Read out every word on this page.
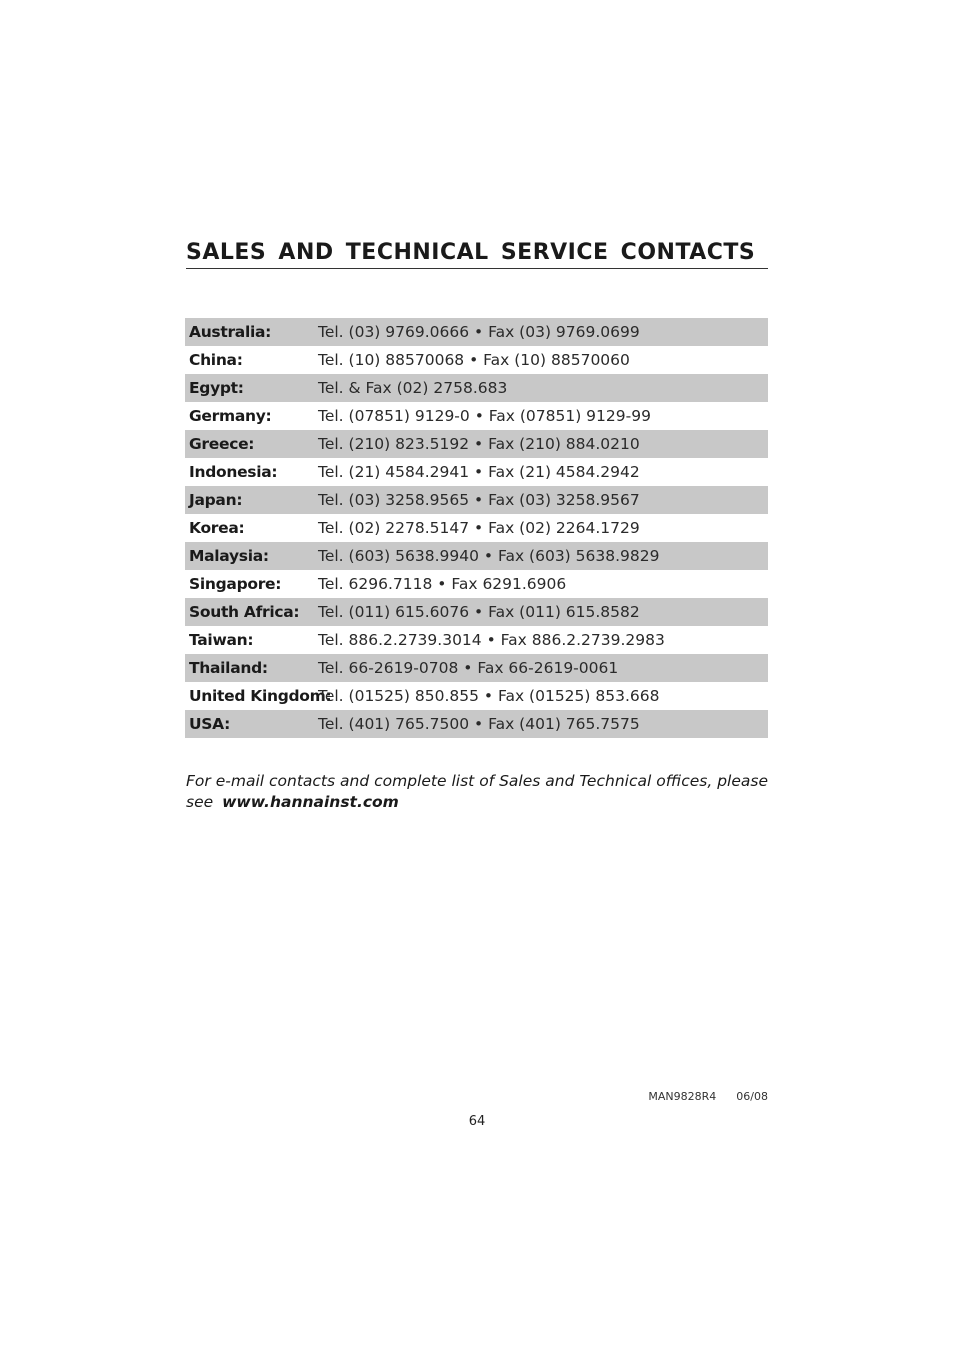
SALES AND TECHNICAL SERVICE CONTACTS
Australia:	Tel. (03) 9769.0666 • Fax (03) 9769.0699
China:	Tel. (10) 88570068 • Fax (10) 88570060
Egypt:	Tel. & Fax (02) 2758.683
Germany:	Tel. (07851) 9129-0 • Fax (07851) 9129-99
Greece:	Tel. (210) 823.5192 • Fax (210) 884.0210
Indonesia:	Tel. (21) 4584.2941 • Fax (21) 4584.2942
Japan:	Tel. (03) 3258.9565 • Fax (03) 3258.9567
Korea:	Tel. (02) 2278.5147 • Fax (02) 2264.1729
Malaysia:	Tel. (603) 5638.9940 • Fax (603) 5638.9829
Singapore:	Tel. 6296.7118 • Fax 6291.6906
South Africa:	Tel. (011) 615.6076 • Fax (011) 615.8582
Taiwan:	Tel. 886.2.2739.3014 • Fax 886.2.2739.2983
Thailand:	Tel. 66-2619-0708 • Fax 66-2619-0061
United Kingdom:
Tel. (01525) 850.855 • Fax (01525) 853.668
USA:	Tel. (401) 765.7500 • Fax (401) 765.7575

For e-mail contacts and complete list of Sales and Technical offices, please see www.hannainst.com

MAN9828R4 06/08
64
